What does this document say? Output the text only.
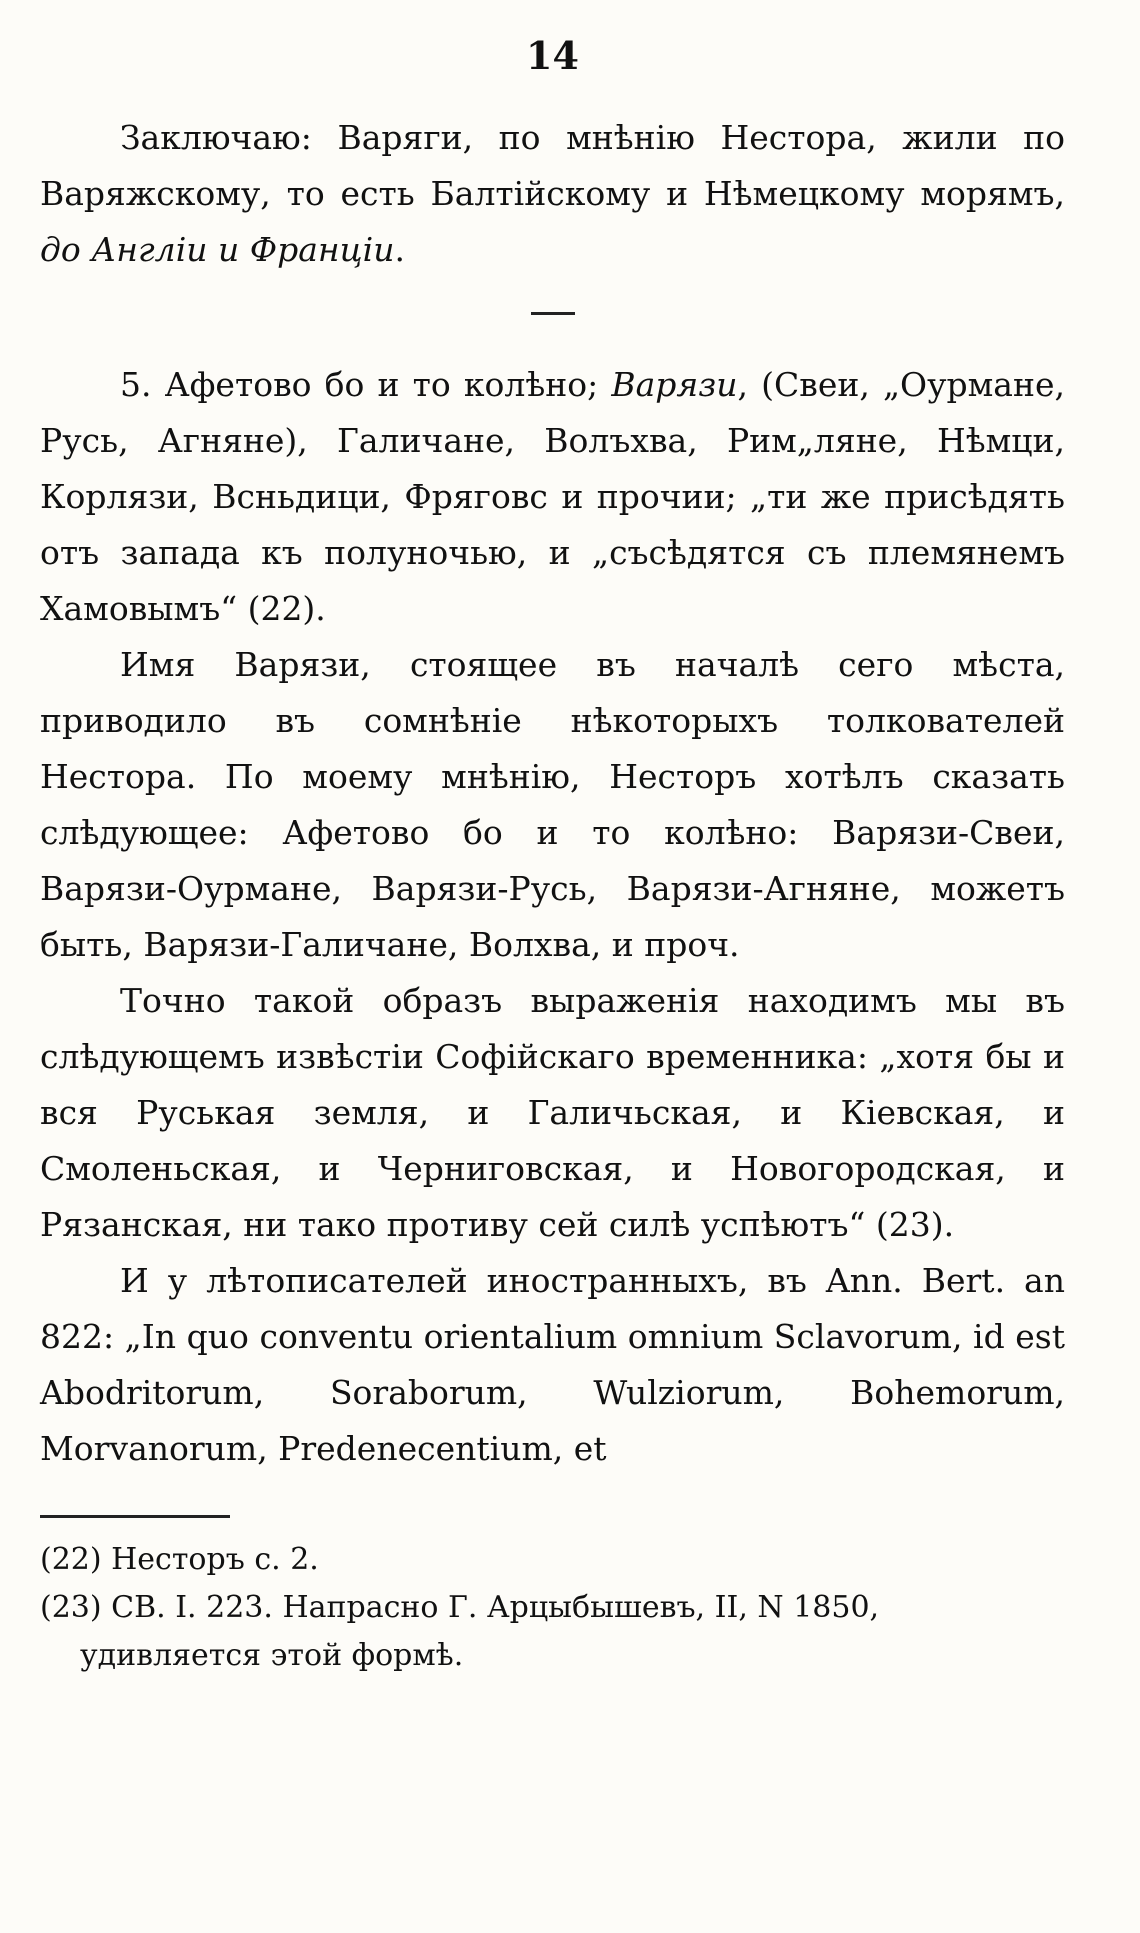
14

Заключаю: Варяги, по мнѣнію Нестора, жили по Варяжскому, то есть Балтійскому и Нѣмецкому морямъ, до Англіи и Франціи.

5. Афетово бо и то колѣно; Варязи, (Свеи, „Оурмане, Русь, Агняне), Галичане, Волъхва, Рим„ляне, Нѣмци, Корлязи, Всньдици, Фряговс и прочии; „ти же присѣдять отъ запада къ полуночью, и „съсѣдятся съ племянемъ Хамовымъ“ (22).

Имя Варязи, стоящее въ началѣ сего мѣста, приводило въ сомнѣніе нѣкоторыхъ толкователей Нестора. По моему мнѣнію, Несторъ хотѣлъ сказать слѣдующее: Афетово бо и то колѣно: Варязи-Свеи, Варязи-Оурмане, Варязи-Русь, Варязи-Агняне, можетъ быть, Варязи-Галичане, Волхва, и проч.

Точно такой образъ выраженія находимъ мы въ слѣдующемъ извѣстіи Софійскаго временника: „хотя бы и вся Руськая земля, и Галичьская, и Кіевская, и Смоленьская, и Черниговская, и Новогородская, и Рязанская, ни тако противу сей силѣ успѣютъ“ (23).

И у лѣтописателей иностранныхъ, въ Ann. Bert. an 822: „In quo conventu orientalium omnium Sclavorum, id est Abodritorum, Soraborum, Wulziorum, Bohemorum, Morvanorum, Predenecentium, et

(22) Несторъ с. 2.

(23) СВ. I. 223. Напрасно Г. Арцыбышевъ, II, N 1850,
удивляется этой формѣ.
